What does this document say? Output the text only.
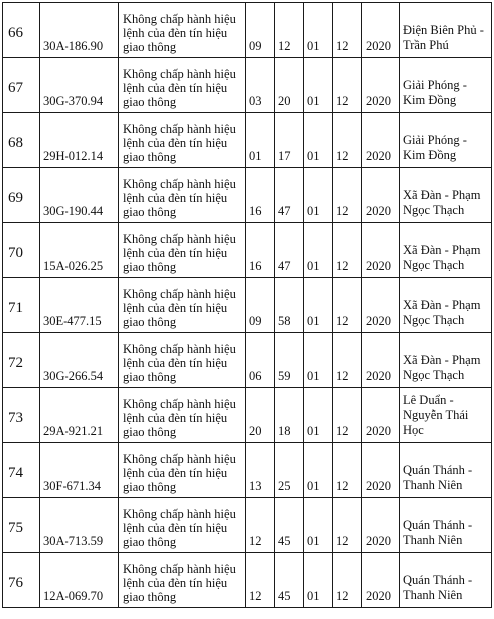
66	30A-186.90	Không chấp hành hiệu lệnh của đèn tín hiệu giao thông	09	12	01	12	2020	Điện Biên Phủ - Trần Phú

67	30G-370.94	Không chấp hành hiệu lệnh của đèn tín hiệu giao thông	03	20	01	12	2020	Giải Phóng - Kim Đồng

68	29H-012.14	Không chấp hành hiệu lệnh của đèn tín hiệu giao thông	01	17	01	12	2020	Giải Phóng - Kim Đồng

69	30G-190.44	Không chấp hành hiệu lệnh của đèn tín hiệu giao thông	16	47	01	12	2020	Xã Đàn - Phạm Ngọc Thạch

70	15A-026.25	Không chấp hành hiệu lệnh của đèn tín hiệu giao thông	16	47	01	12	2020	Xã Đàn - Phạm Ngọc Thạch

71	30E-477.15	Không chấp hành hiệu lệnh của đèn tín hiệu giao thông	09	58	01	12	2020	Xã Đàn - Phạm Ngọc Thạch

72	30G-266.54	Không chấp hành hiệu lệnh của đèn tín hiệu giao thông	06	59	01	12	2020	Xã Đàn - Phạm Ngọc Thạch

73	29A-921.21	Không chấp hành hiệu lệnh của đèn tín hiệu giao thông	20	18	01	12	2020	Lê Duẩn - Nguyễn Thái Học

74	30F-671.34	Không chấp hành hiệu lệnh của đèn tín hiệu giao thông	13	25	01	12	2020	Quán Thánh - Thanh Niên

75	30A-713.59	Không chấp hành hiệu lệnh của đèn tín hiệu giao thông	12	45	01	12	2020	Quán Thánh - Thanh Niên

76	12A-069.70	Không chấp hành hiệu lệnh của đèn tín hiệu giao thông	12	45	01	12	2020	Quán Thánh - Thanh Niên
